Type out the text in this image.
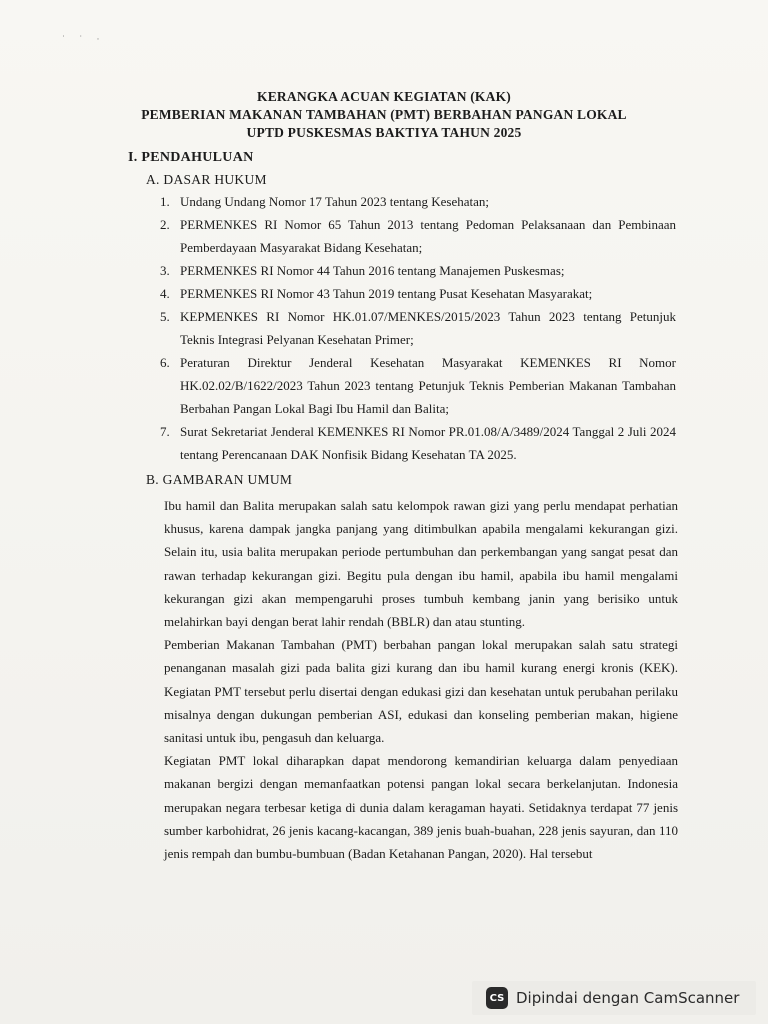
˙ ˙ ·
KERANGKA ACUAN KEGIATAN (KAK)
PEMBERIAN MAKANAN TAMBAHAN (PMT) BERBAHAN PANGAN LOKAL
UPTD PUSKESMAS BAKTIYA TAHUN 2025
I. PENDAHULUAN
A. DASAR HUKUM
1. Undang Undang Nomor 17 Tahun 2023 tentang Kesehatan;
2. PERMENKES RI Nomor 65 Tahun 2013 tentang Pedoman Pelaksanaan dan Pembinaan Pemberdayaan Masyarakat Bidang Kesehatan;
3. PERMENKES RI Nomor 44 Tahun 2016 tentang Manajemen Puskesmas;
4. PERMENKES RI Nomor 43 Tahun 2019 tentang Pusat Kesehatan Masyarakat;
5. KEPMENKES RI Nomor HK.01.07/MENKES/2015/2023 Tahun 2023 tentang Petunjuk Teknis Integrasi Pelyanan Kesehatan Primer;
6. Peraturan Direktur Jenderal Kesehatan Masyarakat KEMENKES RI Nomor HK.02.02/B/1622/2023 Tahun 2023 tentang Petunjuk Teknis Pemberian Makanan Tambahan Berbahan Pangan Lokal Bagi Ibu Hamil dan Balita;
7. Surat Sekretariat Jenderal KEMENKES RI Nomor PR.01.08/A/3489/2024 Tanggal 2 Juli 2024 tentang Perencanaan DAK Nonfisik Bidang Kesehatan TA 2025.
B. GAMBARAN UMUM
Ibu hamil dan Balita merupakan salah satu kelompok rawan gizi yang perlu mendapat perhatian khusus, karena dampak jangka panjang yang ditimbulkan apabila mengalami kekurangan gizi. Selain itu, usia balita merupakan periode pertumbuhan dan perkembangan yang sangat pesat dan rawan terhadap kekurangan gizi. Begitu pula dengan ibu hamil, apabila ibu hamil mengalami kekurangan gizi akan mempengaruhi proses tumbuh kembang janin yang berisiko untuk melahirkan bayi dengan berat lahir rendah (BBLR) dan atau stunting.
Pemberian Makanan Tambahan (PMT) berbahan pangan lokal merupakan salah satu strategi penanganan masalah gizi pada balita gizi kurang dan ibu hamil kurang energi kronis (KEK). Kegiatan PMT tersebut perlu disertai dengan edukasi gizi dan kesehatan untuk perubahan perilaku misalnya dengan dukungan pemberian ASI, edukasi dan konseling pemberian makan, higiene sanitasi untuk ibu, pengasuh dan keluarga.
Kegiatan PMT lokal diharapkan dapat mendorong kemandirian keluarga dalam penyediaan makanan bergizi dengan memanfaatkan potensi pangan lokal secara berkelanjutan. Indonesia merupakan negara terbesar ketiga di dunia dalam keragaman hayati. Setidaknya terdapat 77 jenis sumber karbohidrat, 26 jenis kacang-kacangan, 389 jenis buah-buahan, 228 jenis sayuran, dan 110 jenis rempah dan bumbu-bumbuan (Badan Ketahanan Pangan, 2020). Hal tersebut
CS Dipindai dengan CamScanner
